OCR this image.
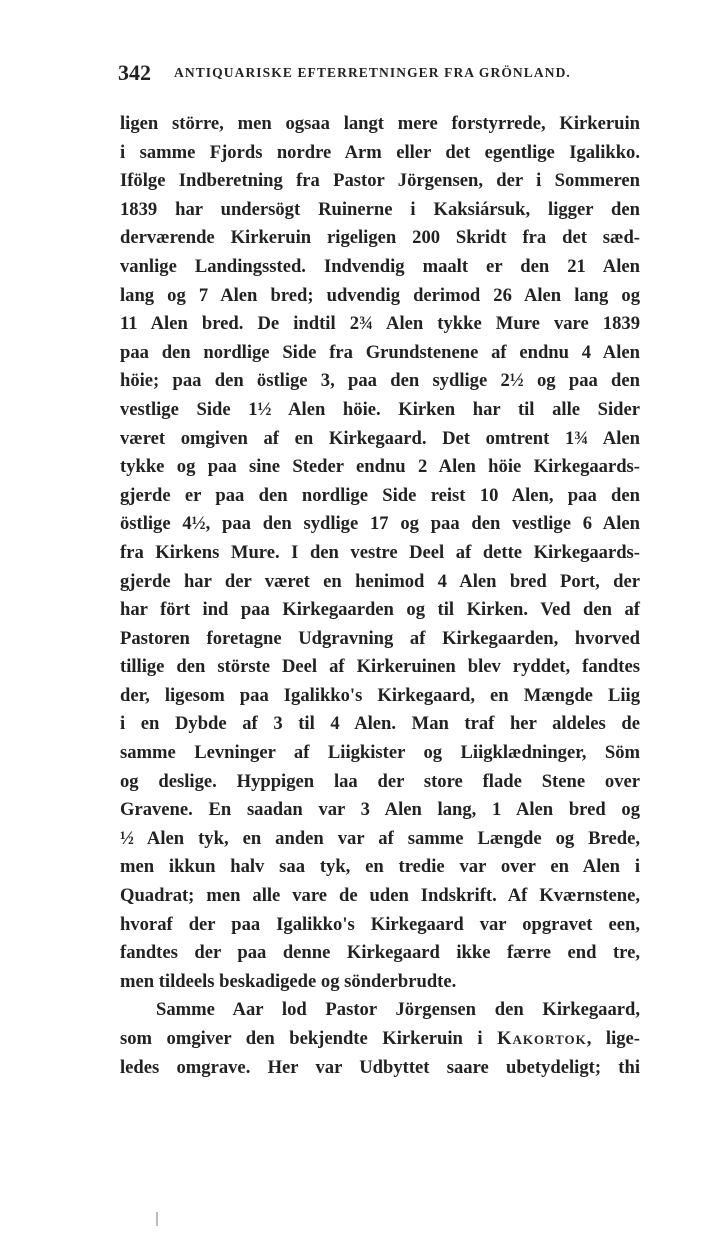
342 ANTIQUARISKE EFTERRETNINGER FRA GRÖNLAND.
ligen större, men ogsaa langt mere forstyrrede, Kirkeruin
i samme Fjords nordre Arm eller det egentlige Igalikko.
Ifölge Indberetning fra Pastor Jörgensen, der i Sommeren
1839 har undersögt Ruinerne i Kaksiársuk, ligger den
derværende Kirkeruin rigeligen 200 Skridt fra det sæd-
vanlige Landingssted. Indvendig maalt er den 21 Alen
lang og 7 Alen bred; udvendig derimod 26 Alen lang og
11 Alen bred. De indtil 2¾ Alen tykke Mure vare 1839
paa den nordlige Side fra Grundstenene af endnu 4 Alen
höie; paa den östlige 3, paa den sydlige 2½ og paa den
vestlige Side 1½ Alen höie. Kirken har til alle Sider
været omgiven af en Kirkegaard. Det omtrent 1¾ Alen
tykke og paa sine Steder endnu 2 Alen höie Kirkegaards-
gjerde er paa den nordlige Side reist 10 Alen, paa den
östlige 4½, paa den sydlige 17 og paa den vestlige 6 Alen
fra Kirkens Mure. I den vestre Deel af dette Kirkegaards-
gjerde har der været en henimod 4 Alen bred Port, der
har fört ind paa Kirkegaarden og til Kirken. Ved den af
Pastoren foretagne Udgravning af Kirkegaarden, hvorved
tillige den störste Deel af Kirkeruinen blev ryddet, fandtes
der, ligesom paa Igalikko's Kirkegaard, en Mængde Liig
i en Dybde af 3 til 4 Alen. Man traf her aldeles de
samme Levninger af Liigkister og Liigklædninger, Söm
og deslige. Hyppigen laa der store flade Stene over
Gravene. En saadan var 3 Alen lang, 1 Alen bred og
½ Alen tyk, en anden var af samme Længde og Brede,
men ikkun halv saa tyk, en tredie var over en Alen i
Quadrat; men alle vare de uden Indskrift. Af Kværnstene,
hvoraf der paa Igalikko's Kirkegaard var opgravet een,
fandtes der paa denne Kirkegaard ikke færre end tre,
men tildeels beskadigede og sönderbrudte.
Samme Aar lod Pastor Jörgensen den Kirkegaard,
som omgiver den bekjendte Kirkeruin i Kakortok, lige-
ledes omgrave. Her var Udbyttet saare ubetydeligt; thi
